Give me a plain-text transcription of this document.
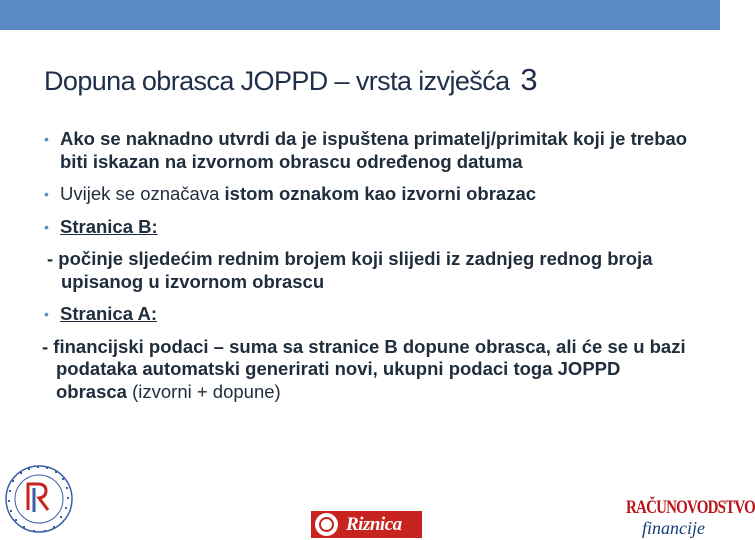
Dopuna obrasca JOPPD – vrsta izvješća 3
• Ako se naknadno utvrdi da je ispuštena primatelj/primitak koji je trebao biti iskazan na izvornom obrascu određenog datuma
• Uvijek se označava istom oznakom kao izvorni obrazac
• Stranica B:
- počinje sljedećim rednim brojem koji slijedi iz zadnjeg rednog broja upisanog u izvornom obrascu
• Stranica A:
- financijski podaci – suma sa stranice B dopune obrasca, ali će se u bazi podataka automatski generirati novi, ukupni podaci toga JOPPD obrasca (izvorni + dopune)
Riznica
RAČUNOVODSTVO
financije
